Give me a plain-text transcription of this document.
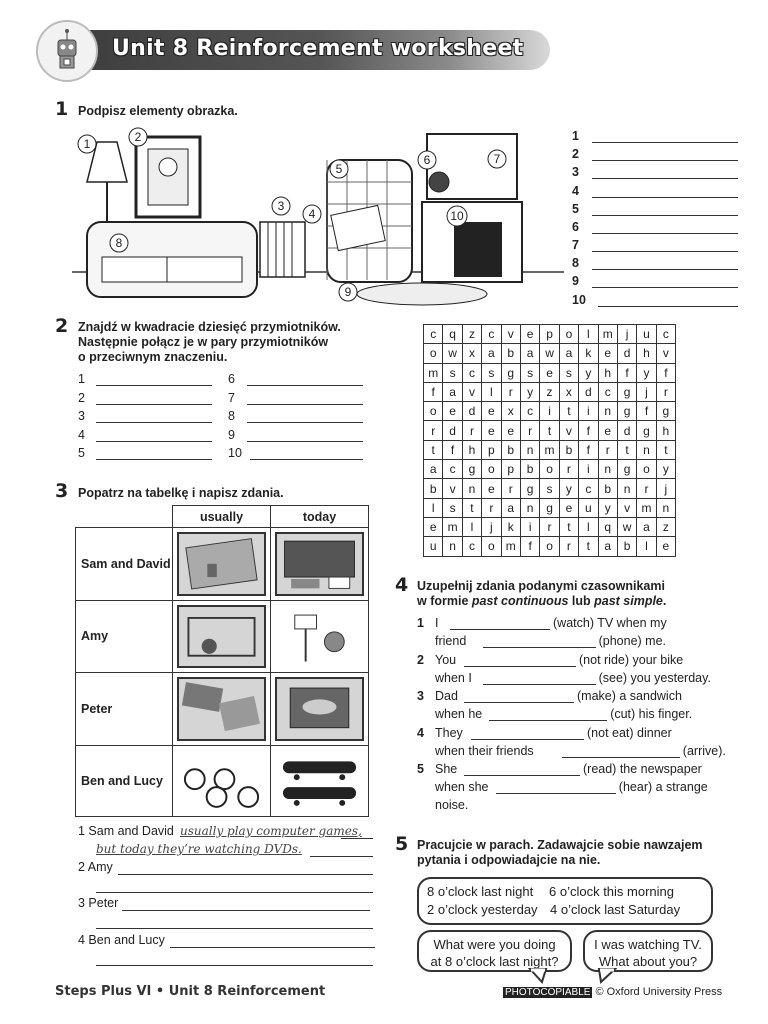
Unit 8 Reinforcement worksheet
1 Podpisz elementy obrazka.
1	2
3
4
5
6	7
8
9
10
1
2
3
4
5
6
7
8
9
10
2 Znajdź w kwadracie dziesięć przymiotników.
Następnie połącz je w pary przymiotników
o przeciwnym znaczeniu.
1	6
2	7
3	8
4	9
5	10
c	q	z	c	v	e	p	o	l	m	j	u	c
o	w	x	a	b	a	w	a	k	e	d	h	v
m	s	c	s	g	s	e	s	y	h	f	y	f
f	a	v	l	r	y	z	x	d	c	g	j	r
o	e	d	e	x	c	i	t	i	n	g	f	g
r	d	r	e	e	r	t	v	f	e	d	g	h
t	f	h	p	b	n	m	b	f	r	t	n	t
a	c	g	o	p	b	o	r	i	n	g	o	y
b	v	n	e	r	g	s	y	c	b	n	r	j
l	s	t	r	a	n	g	e	u	y	v	m	n
e	m	l	j	k	i	r	t	l	q	w	a	z
u	n	c	o	m	f	o	r	t	a	b	l	e
3 Popatrz na tabelkę i napisz zdania.
	usually	today
Sam and David	

Amy	

Peter	

Ben and Lucy	

1 Sam and David usually play computer games,
but today they’re watching DVDs.
2 Amy
3 Peter
4 Ben and Lucy
4 Uzupełnij zdania podanymi czasownikami
w formie past continuous lub past simple.
1 I	(watch) TV when my
friend	(phone) me.
2 You	(not ride) your bike
when I	(see) you yesterday.
3 Dad	(make) a sandwich
when he	(cut) his finger.
4 They	(not eat) dinner
when their friends	(arrive).
5 She	(read) the newspaper
when she	(hear) a strange
noise.
5 Pracujcie w parach. Zadawajcie sobie nawzajem
pytania i odpowiadajcie na nie.
8 o’clock last night 6 o’clock this morning
2 o’clock yesterday 4 o’clock last Saturday
What were you doing
at 8 o’clock last night?
I was watching TV.
What about you?
Steps Plus VI • Unit 8 Reinforcement	PHOTOCOPIABLE © Oxford University Press
